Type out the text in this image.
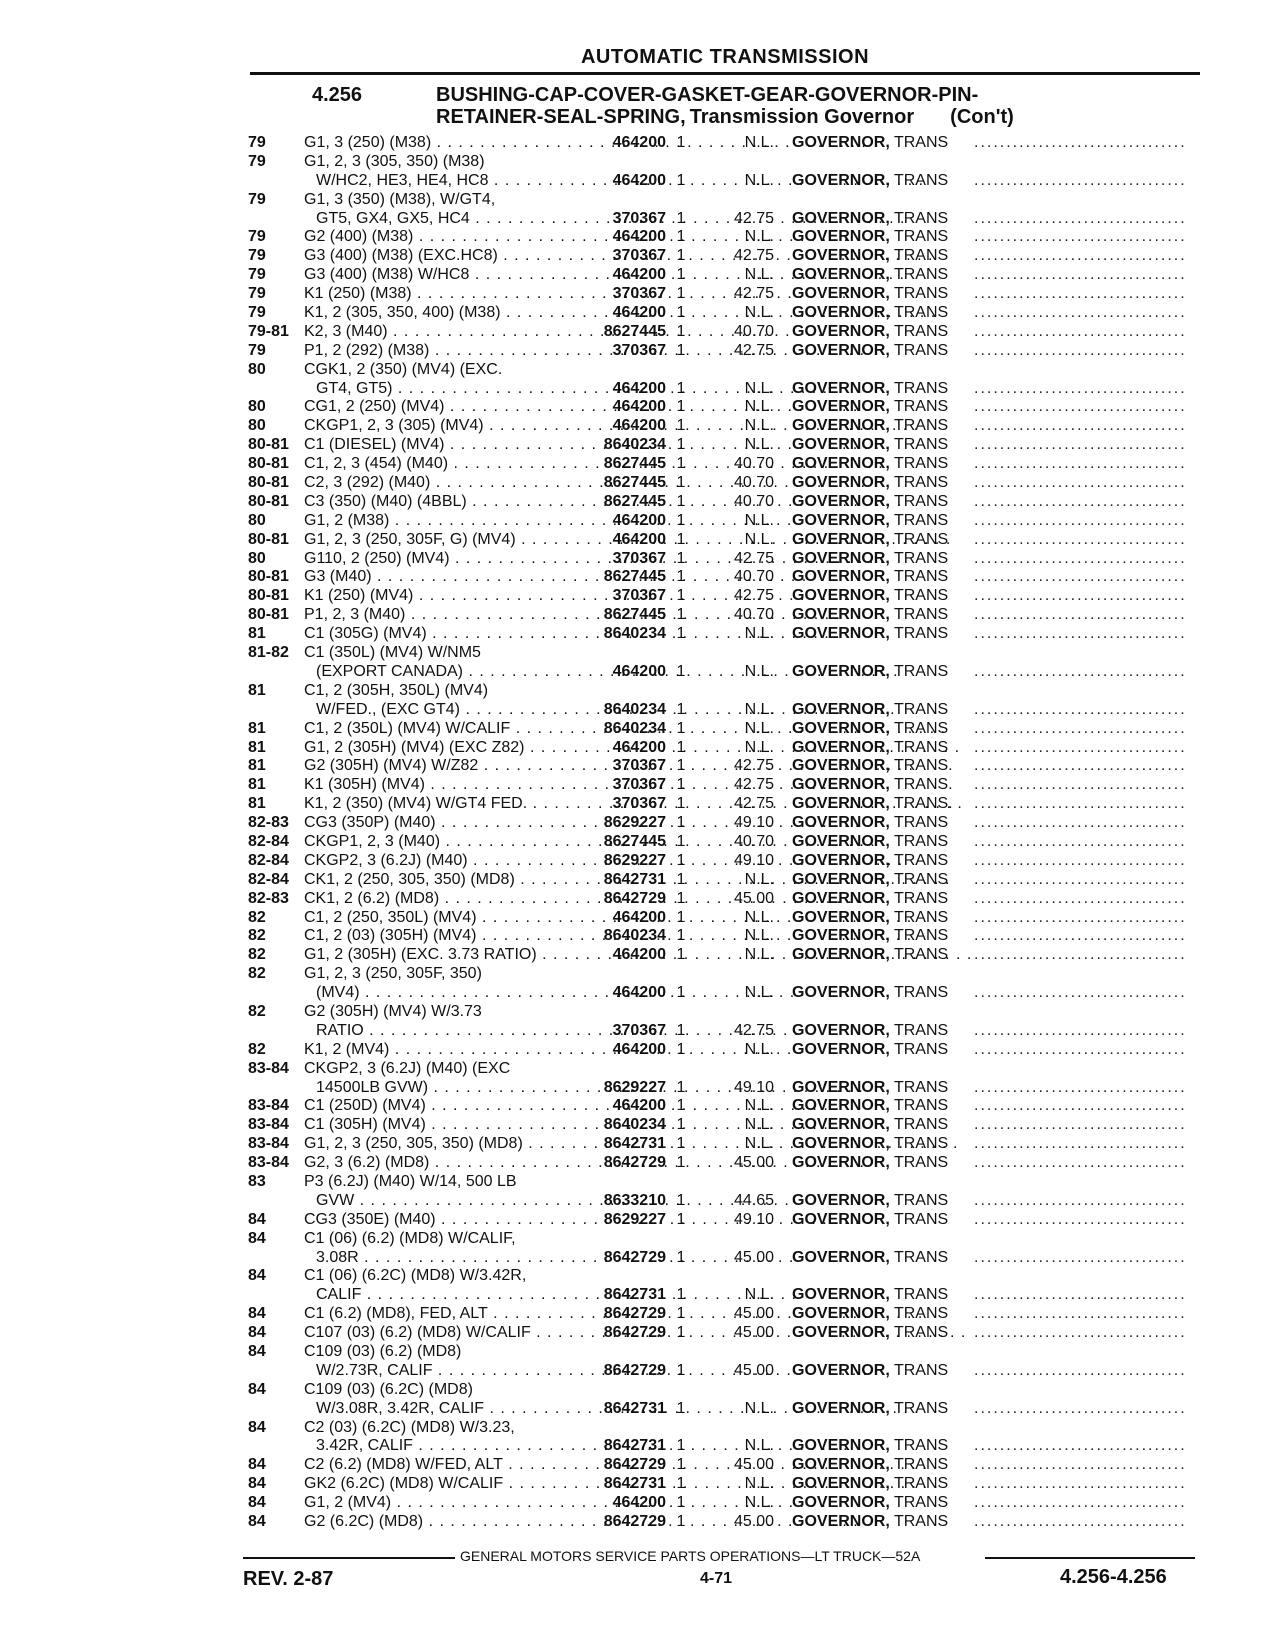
AUTOMATIC TRANSMISSION
4.256	BUSHING-CAP-COVER-GASKET-GEAR-GOVERNOR-PIN-
RETAINER-SEAL-SPRING, Transmission Governor (Con't)
79	G1, 3 (250) (M38) . . .	464200 1	N.L.	GOVERNOR, TRANS	.................................
79	G1, 2, 3 (305, 350) (M38)
W/HC2, HE3, HE4, HC8 . . .	464200 1	N.L.	GOVERNOR, TRANS	.................................
79	G1, 3 (350) (M38), W/GT4,
GT5, GX4, GX5, HC4 . . .	370367 1	42.75	GOVERNOR, TRANS	.................................
79	G2 (400) (M38) . . .	464200 1	N.L.	GOVERNOR, TRANS	.................................
79	G3 (400) (M38) (EXC.HC8) . . .	370367 1	42.75	GOVERNOR, TRANS	.................................
79	G3 (400) (M38) W/HC8 . . .	464200 1	N.L.	GOVERNOR, TRANS	.................................
79	K1 (250) (M38) . . .	370367 1	42.75	GOVERNOR, TRANS	.................................
79	K1, 2 (305, 350, 400) (M38) . . .	464200 1	N.L.	GOVERNOR, TRANS	.................................
79-81 K2, 3 (M40) . . .	8627445 1	40.70	GOVERNOR, TRANS	.................................
79	P1, 2 (292) (M38) . . .	370367 1	42.75	GOVERNOR, TRANS	.................................
80	CGK1, 2 (350) (MV4) (EXC.
GT4, GT5) . . .	464200 1	N.L.	GOVERNOR, TRANS	.................................
80	CG1, 2 (250) (MV4) . . .	464200 1	N.L.	GOVERNOR, TRANS	.................................
80	CKGP1, 2, 3 (305) (MV4) . . .	464200 1	N.L.	GOVERNOR, TRANS	.................................
80-81 C1 (DIESEL) (MV4) . . .	8640234 1	N.L.	GOVERNOR, TRANS	.................................
80-81 C1, 2, 3 (454) (M40) . . .	8627445 1	40.70	GOVERNOR, TRANS	.................................
80-81 C2, 3 (292) (M40) . . .	8627445 1	40.70	GOVERNOR, TRANS	.................................
80-81 C3 (350) (M40) (4BBL) . . .	8627445 1	40.70	GOVERNOR, TRANS	.................................
80	G1, 2 (M38) . . .	464200 1	N.L.	GOVERNOR, TRANS	.................................
80-81 G1, 2, 3 (250, 305F, G) (MV4) . . .	464200 1	N.L.	GOVERNOR, TRANS	.................................
80	G110, 2 (250) (MV4) . . .	370367 1	42.75	GOVERNOR, TRANS	.................................
80-81 G3 (M40) . . .	8627445 1	40.70	GOVERNOR, TRANS	.................................
80-81 K1 (250) (MV4) . . .	370367 1	42.75	GOVERNOR, TRANS	.................................
80-81 P1, 2, 3 (M40) . . .	8627445 1	40.70	GOVERNOR, TRANS	.................................
81	C1 (305G) (MV4) . . .	8640234 1	N.L.	GOVERNOR, TRANS	.................................
81-82 C1 (350L) (MV4) W/NM5
(EXPORT CANADA) . . .	464200 1	N.L.	GOVERNOR, TRANS	.................................
81	C1, 2 (305H, 350L) (MV4)
W/FED., (EXC GT4) . . .	8640234 1	N.L.	GOVERNOR, TRANS	.................................
81	C1, 2 (350L) (MV4) W/CALIF . . .	8640234 1	N.L.	GOVERNOR, TRANS	.................................
81	G1, 2 (305H) (MV4) (EXC Z82) . . .	464200 1	N.L.	GOVERNOR, TRANS	.................................
81	G2 (305H) (MV4) W/Z82 . . .	370367 1	42.75	GOVERNOR, TRANS.	.................................
81	K1 (305H) (MV4) . . .	370367 1	42.75	GOVERNOR, TRANS.	.................................
81	K1, 2 (350) (MV4) W/GT4 FED. . . .	370367 1	42.75	GOVERNOR, TRANS.	.................................
82-83 CG3 (350P) (M40) . . .	8629227 1	49.10	GOVERNOR, TRANS	.................................
82-84 CKGP1, 2, 3 (M40) . . .	8627445 1	40.70	GOVERNOR, TRANS	.................................
82-84 CKGP2, 3 (6.2J) (M40) . . .	8629227 1	49.10	GOVERNOR, TRANS	.................................
82-84 CK1, 2 (250, 305, 350) (MD8) . . .	8642731 1	N.L.	GOVERNOR, TRANS	.................................
82-83 CK1, 2 (6.2) (MD8) . . .	8642729 1	45.00	GOVERNOR, TRANS	.................................
82	C1, 2 (250, 350L) (MV4) . . .	464200 1	N.L.	GOVERNOR, TRANS	.................................
82	C1, 2 (03) (305H) (MV4) . . .	8640234 1	N.L.	GOVERNOR, TRANS	.................................
82	G1, 2 (305H) (EXC. 3.73 RATIO) . . .	464200 1	N.L.	GOVERNOR, TRANS	.................................
82	G1, 2, 3 (250, 305F, 350)
(MV4) . . .	464200 1	N.L.	GOVERNOR, TRANS	.................................
82	G2 (305H) (MV4) W/3.73
RATIO . . .	370367 1	42.75	GOVERNOR, TRANS	.................................
82	K1, 2 (MV4) . . .	464200 1	N.L.	GOVERNOR, TRANS	.................................
83-84 CKGP2, 3 (6.2J) (M40) (EXC
14500LB GVW) . . .	8629227 1	49.10	GOVERNOR, TRANS	.................................
83-84 C1 (250D) (MV4) . . .	464200 1	N.L.	GOVERNOR, TRANS	.................................
83-84 C1 (305H) (MV4) . . .	8640234 1	N.L.	GOVERNOR, TRANS	.................................
83-84 G1, 2, 3 (250, 305, 350) (MD8) . . .	8642731 1	N.L.	GOVERNOR, TRANS	.................................
83-84 G2, 3 (6.2) (MD8) . . .	8642729 1	45.00	GOVERNOR, TRANS	.................................
83	P3 (6.2J) (M40) W/14, 500 LB
GVW . . .	8633210 1	44.65	GOVERNOR, TRANS	.................................
84	CG3 (350E) (M40) . . .	8629227 1	49.10	GOVERNOR, TRANS	.................................
84	C1 (06) (6.2) (MD8) W/CALIF,
3.08R . . .	8642729 1	45.00	GOVERNOR, TRANS	.................................
84	C1 (06) (6.2C) (MD8) W/3.42R,
CALIF . . .	8642731 1	N.L.	GOVERNOR, TRANS	.................................
84	C1 (6.2) (MD8), FED, ALT . . .	8642729 1	45.00	GOVERNOR, TRANS	.................................
84	C107 (03) (6.2) (MD8) W/CALIF . . .	8642729 1	45.00	GOVERNOR, TRANS	.................................
84	C109 (03) (6.2) (MD8)
W/2.73R, CALIF . . .	8642729 1	45.00	GOVERNOR, TRANS	.................................
84	C109 (03) (6.2C) (MD8)
W/3.08R, 3.42R, CALIF . . .	8642731 1	N.L.	GOVERNOR, TRANS	.................................
84	C2 (03) (6.2C) (MD8) W/3.23,
3.42R, CALIF . . .	8642731 1	N.L.	GOVERNOR, TRANS	.................................
84	C2 (6.2) (MD8) W/FED, ALT . . .	8642729 1	45.00	GOVERNOR, TRANS	.................................
84	GK2 (6.2C) (MD8) W/CALIF . . .	8642731 1	N.L.	GOVERNOR, TRANS	.................................
84	G1, 2 (MV4) . . .	464200 1	N.L.	GOVERNOR, TRANS	.................................
84	G2 (6.2C) (MD8) . . .	8642729 1	45.00	GOVERNOR, TRANS	.................................
GENERAL MOTORS SERVICE PARTS OPERATIONS—LT TRUCK—52A
REV. 2-87	4-71	4.256-4.256
